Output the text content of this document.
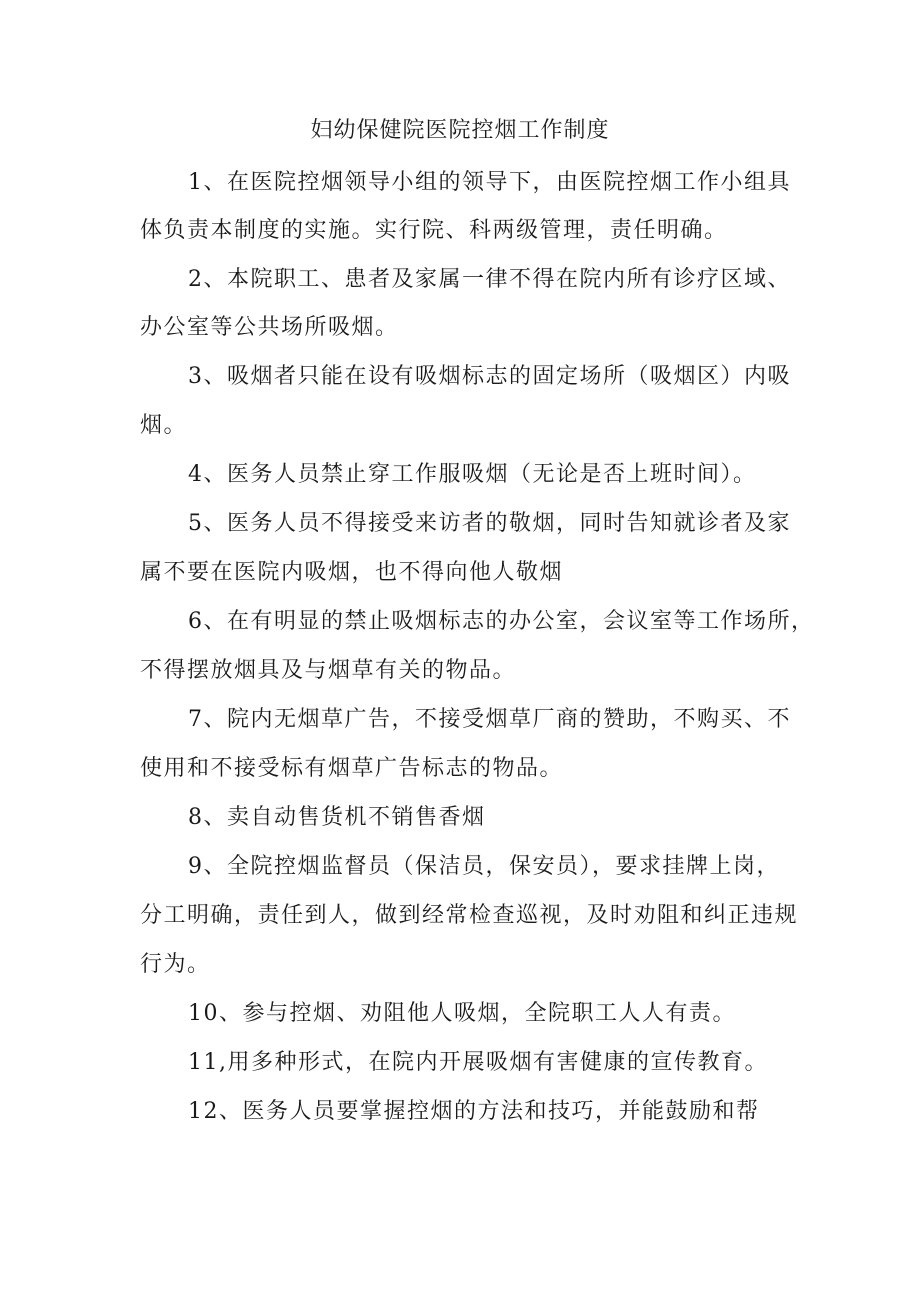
妇幼保健院医院控烟工作制度
1、在医院控烟领导小组的领导下，由医院控烟工作小组具
体负责本制度的实施。实行院、科两级管理，责任明确。
2、本院职工、患者及家属一律不得在院内所有诊疗区域、
办公室等公共场所吸烟。
3、吸烟者只能在设有吸烟标志的固定场所（吸烟区）内吸
烟。
4、医务人员禁止穿工作服吸烟（无论是否上班时间）。
5、医务人员不得接受来访者的敬烟，同时告知就诊者及家
属不要在医院内吸烟，也不得向他人敬烟
6、在有明显的禁止吸烟标志的办公室，会议室等工作场所，
不得摆放烟具及与烟草有关的物品。
7、院内无烟草广告，不接受烟草厂商的赞助，不购买、不
使用和不接受标有烟草广告标志的物品。
8、卖自动售货机不销售香烟
9、全院控烟监督员（保洁员，保安员），要求挂牌上岗，
分工明确，责任到人，做到经常检查巡视，及时劝阻和纠正违规
行为。
10、参与控烟、劝阻他人吸烟，全院职工人人有责。
11,用多种形式，在院内开展吸烟有害健康的宣传教育。
12、医务人员要掌握控烟的方法和技巧，并能鼓励和帮
